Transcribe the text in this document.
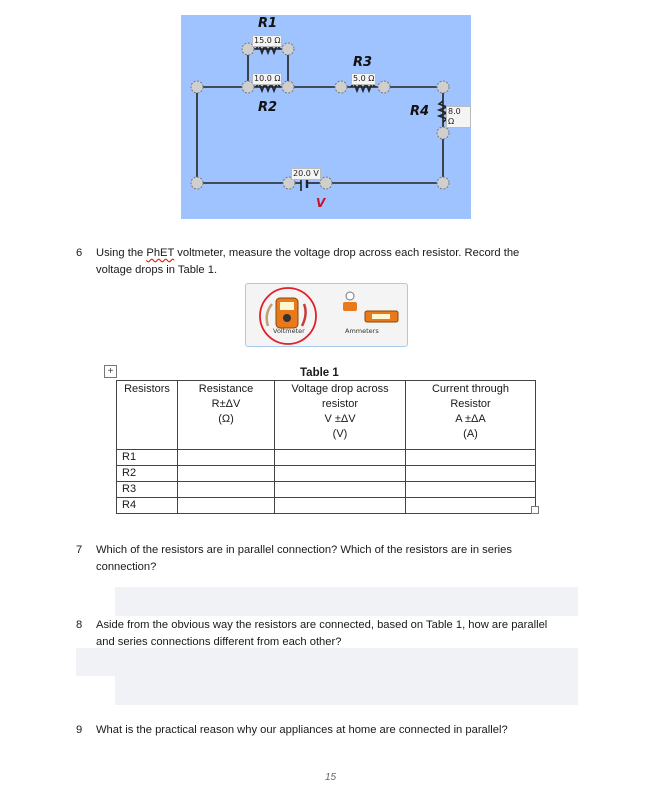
R1
15.0 Ω
10.0 Ω
R2
R3
5.0 Ω
R4 8.0 Ω
20.0 V
V
6 Using the PhET voltmeter, measure the voltage drop across each resistor. Record the
voltage drops in Table 1.
Voltmeter	Ammeters
+	Table 1
Resistors	Resistance
R±ΔV
(Ω)	Voltage drop across
resistor
V ±ΔV
(V)	Current through
Resistor
A ±ΔA
(A)
R1			
R2			
R3			
R4			
7 Which of the resistors are in parallel connection? Which of the resistors are in series
connection?
8 Aside from the obvious way the resistors are connected, based on Table 1, how are parallel
and series connections different from each other?
9 What is the practical reason why our appliances at home are connected in parallel?
15
